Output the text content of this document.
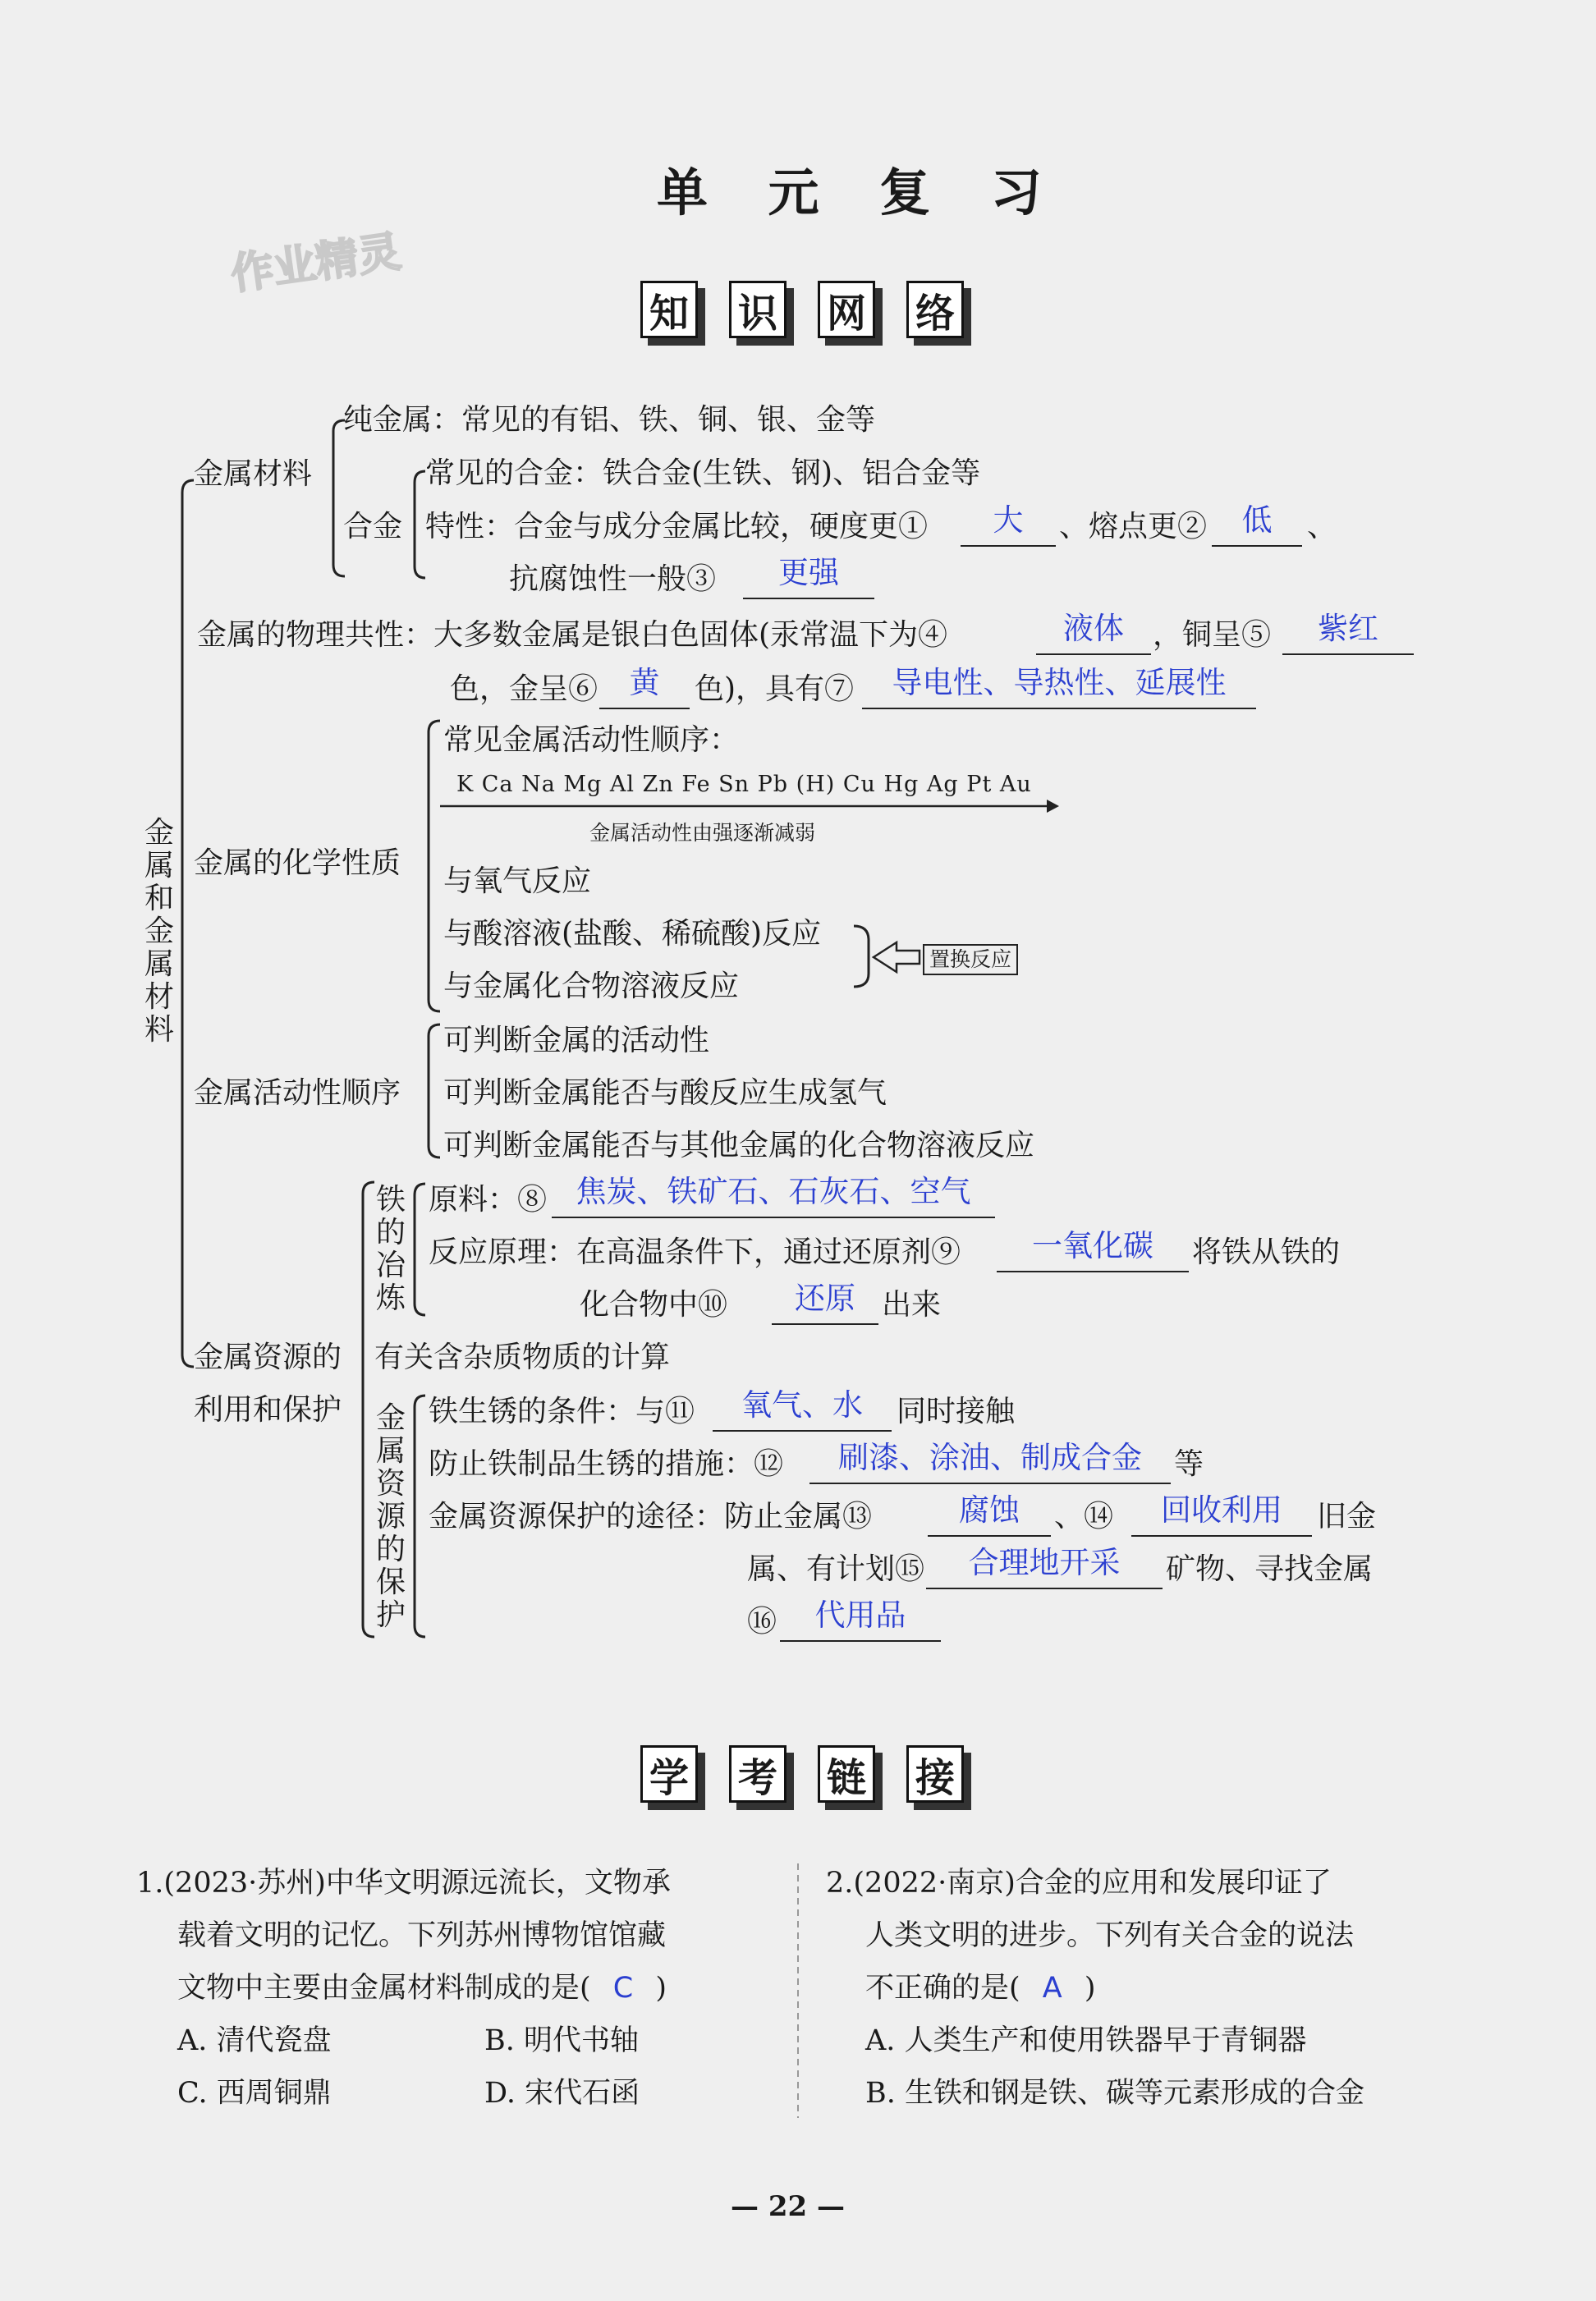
单 元 复 习
作业精灵
知 识 网 络
金属和金属材料
金属材料
纯金属：常见的有铝、铁、铜、银、金等
合金
常见的合金：铁合金(生铁、钢)、铝合金等
特性：合金与成分金属比较，硬度更①	大	、熔点更②	低	、
抗腐蚀性一般③	更强
金属的物理共性：大多数金属是银白色固体(汞常温下为④	液体 ，铜呈⑤	紫红
色，金呈⑥	黄	色)，具有⑦	导电性、导热性、延展性
金属的化学性质
常见金属活动性顺序：
K Ca Na Mg Al Zn Fe Sn Pb (H) Cu Hg Ag Pt Au
金属活动性由强逐渐减弱
与氧气反应
与酸溶液(盐酸、稀硫酸)反应
与金属化合物溶液反应
置换反应
金属活动性顺序
可判断金属的活动性
可判断金属能否与酸反应生成氢气
可判断金属能否与其他金属的化合物溶液反应
金属资源的
利用和保护
铁的冶炼
原料：⑧ 焦炭、铁矿石、石灰石、空气
反应原理：在高温条件下，通过还原剂⑨	一氧化碳	将铁从铁的
化合物中⑩	还原 出来
有关含杂质物质的计算
金属资源的保护
铁生锈的条件：与⑪	氧气、水	同时接触
防止铁制品生锈的措施：⑫	刷漆、涂油、制成合金	等
金属资源保护的途径：防止金属⑬	腐蚀	、⑭	回收利用	旧金
属、有计划⑮	合理地开采	矿物、寻找金属
⑯	代用品
学 考 链 接
1.(2023·苏州)中华文明源远流长，文物承
载着文明的记忆。下列苏州博物馆馆藏
文物中主要由金属材料制成的是( C )
A. 清代瓷盘	B. 明代书轴
C. 西周铜鼎	D. 宋代石函
2.(2022·南京)合金的应用和发展印证了
人类文明的进步。下列有关合金的说法
不正确的是( A )
A. 人类生产和使用铁器早于青铜器
B. 生铁和钢是铁、碳等元素形成的合金
— 22 —
